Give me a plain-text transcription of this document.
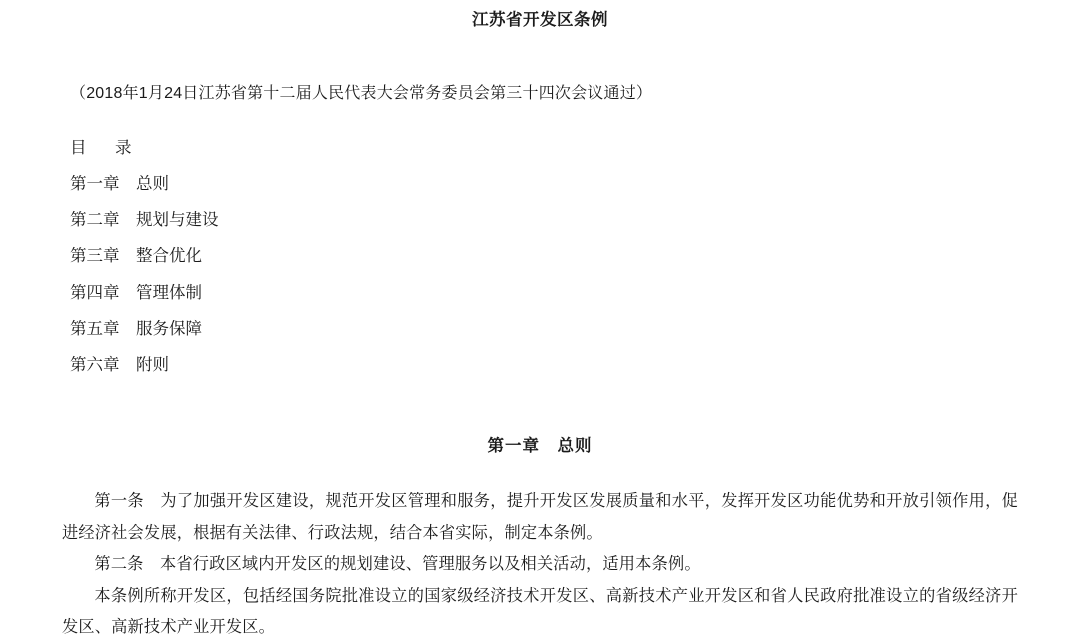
江苏省开发区条例

（2018年1月24日江苏省第十二届人民代表大会常务委员会第三十四次会议通过）

目　录

第一章　总则

第二章　规划与建设

第三章　整合优化

第四章　管理体制

第五章　服务保障

第六章　附则

第一章　总则

第一条　为了加强开发区建设，规范开发区管理和服务，提升开发区发展质量和水平，发挥开发区功能优势和开放引领作用，促进经济社会发展，根据有关法律、行政法规，结合本省实际，制定本条例。

第二条　本省行政区域内开发区的规划建设、管理服务以及相关活动，适用本条例。

本条例所称开发区，包括经国务院批准设立的国家级经济技术开发区、高新技术产业开发区和省人民政府批准设立的省级经济开发区、高新技术产业开发区。
